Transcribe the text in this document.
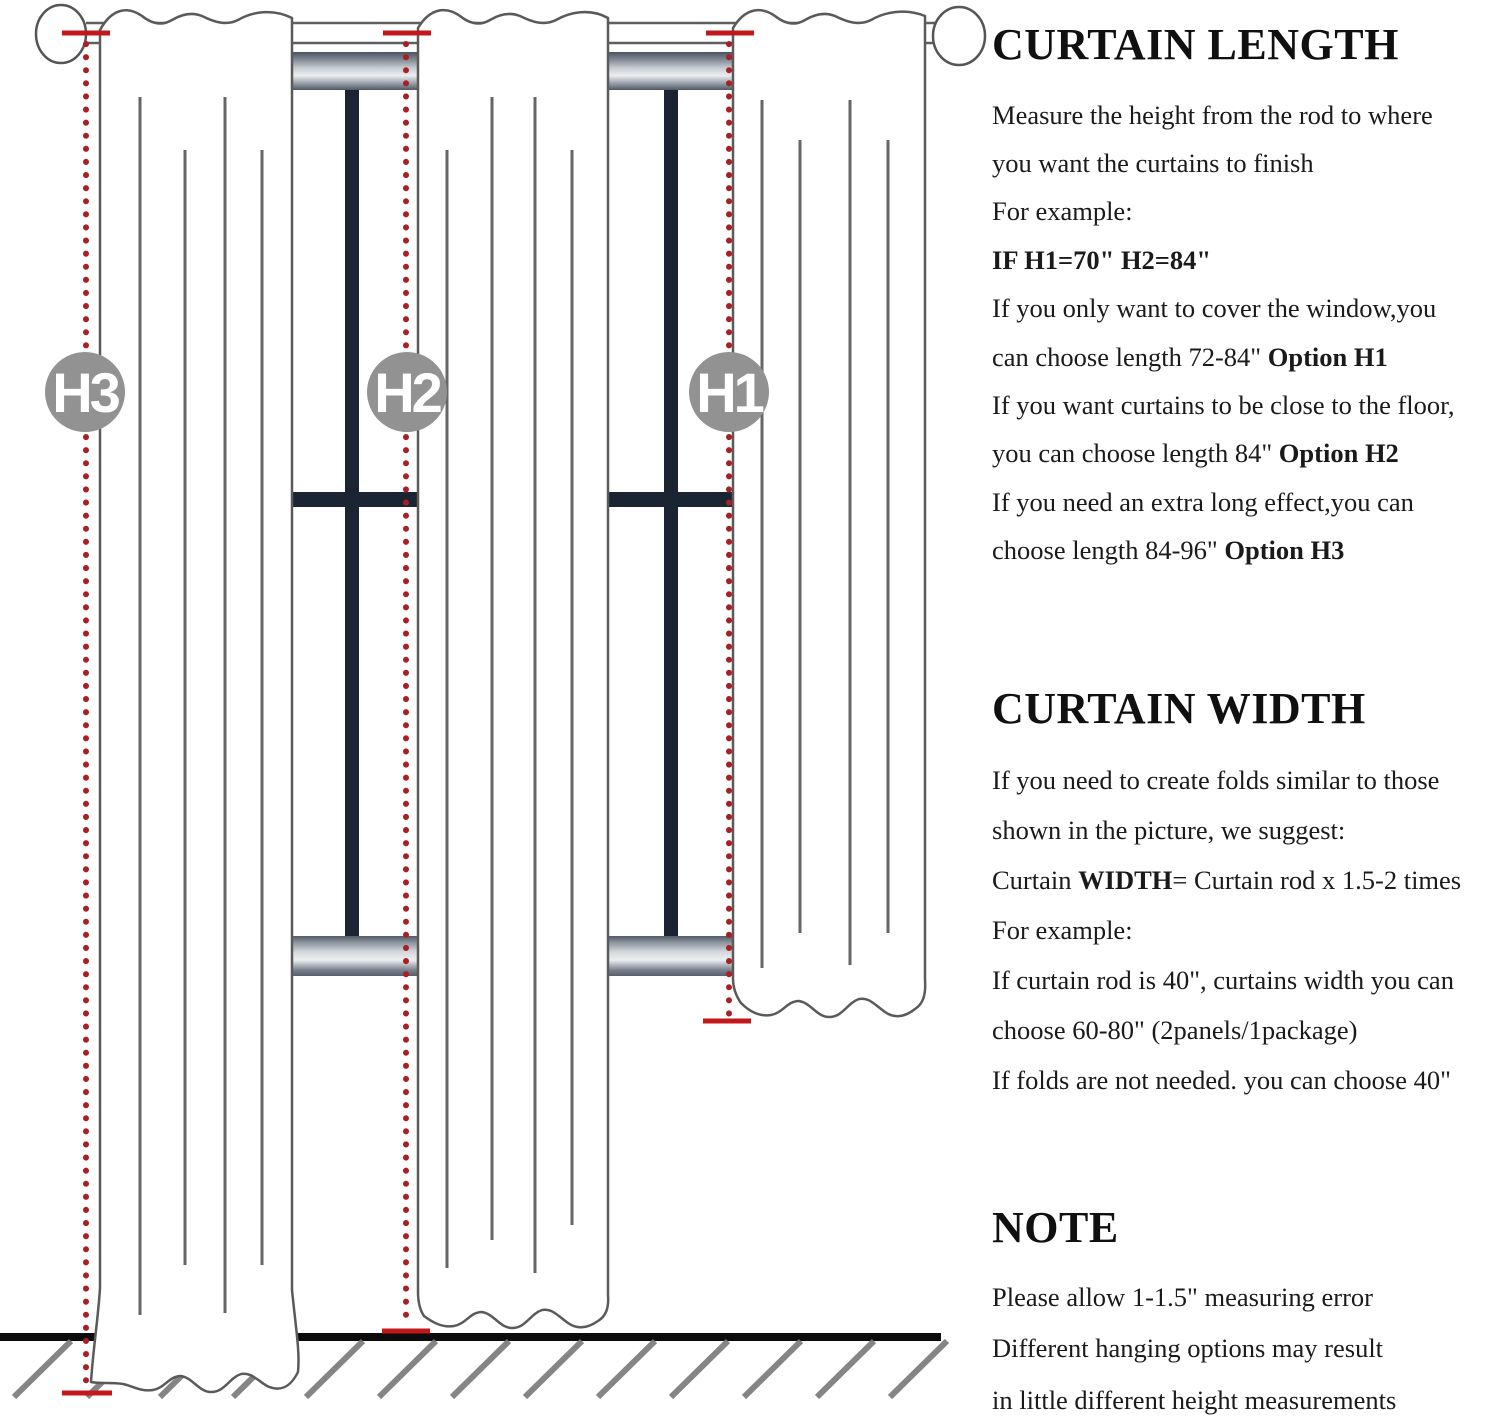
H3	H2	H1
CURTAIN LENGTH
Measure the height from the rod to where
you want the curtains to finish
For example:
IF H1=70" H2=84"
If you only want to cover the window,you
can choose length 72-84" Option H1
If you want curtains to be close to the floor,
you can choose length 84" Option H2
If you need an extra long effect,you can
choose length 84-96" Option H3
CURTAIN WIDTH
If you need to create folds similar to those
shown in the picture, we suggest:
Curtain WIDTH= Curtain rod x 1.5-2 times
For example:
If curtain rod is 40", curtains width you can
choose 60-80" (2panels/1package)
If folds are not needed. you can choose 40"
NOTE
Please allow 1-1.5" measuring error
Different hanging options may result
in little different height measurements
